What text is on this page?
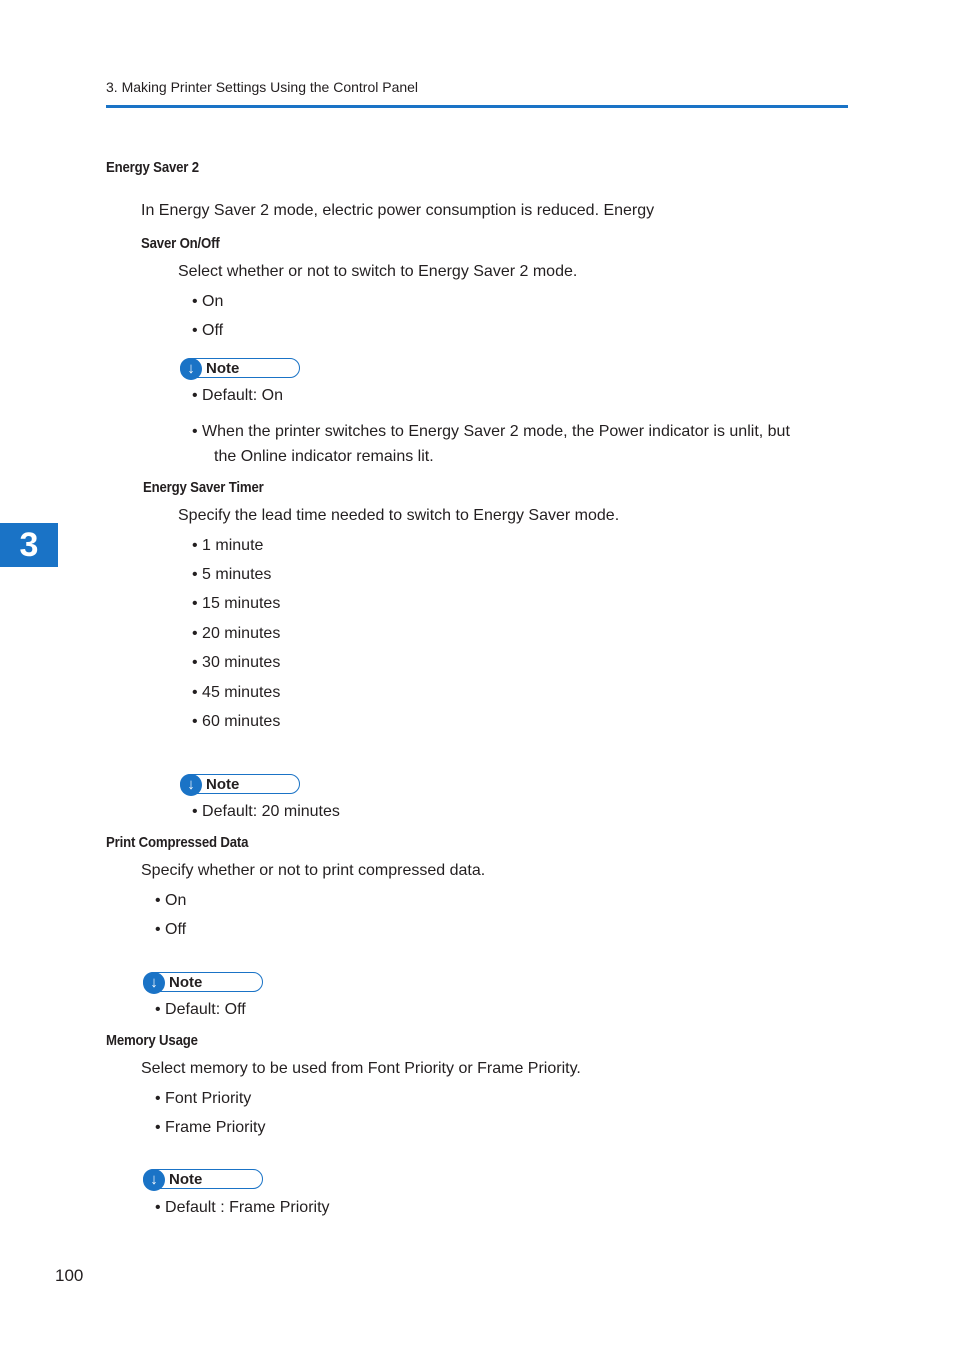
3. Making Printer Settings Using the Control Panel
Energy Saver 2
In Energy Saver 2 mode, electric power consumption is reduced. Energy
Saver On/Off
Select whether or not to switch to Energy Saver 2 mode.
• On
• Off
↓ Note
• Default: On
• When the printer switches to Energy Saver 2 mode, the Power indicator is unlit, but
the Online indicator remains lit.
Energy Saver Timer
Specify the lead time needed to switch to Energy Saver mode.
• 1 minute
• 5 minutes
• 15 minutes
• 20 minutes
• 30 minutes
• 45 minutes
• 60 minutes
↓ Note
• Default: 20 minutes
3
Print Compressed Data
Specify whether or not to print compressed data.
• On
• Off
↓ Note
• Default: Off
Memory Usage
Select memory to be used from Font Priority or Frame Priority.
• Font Priority
• Frame Priority
↓ Note
• Default : Frame Priority
100
